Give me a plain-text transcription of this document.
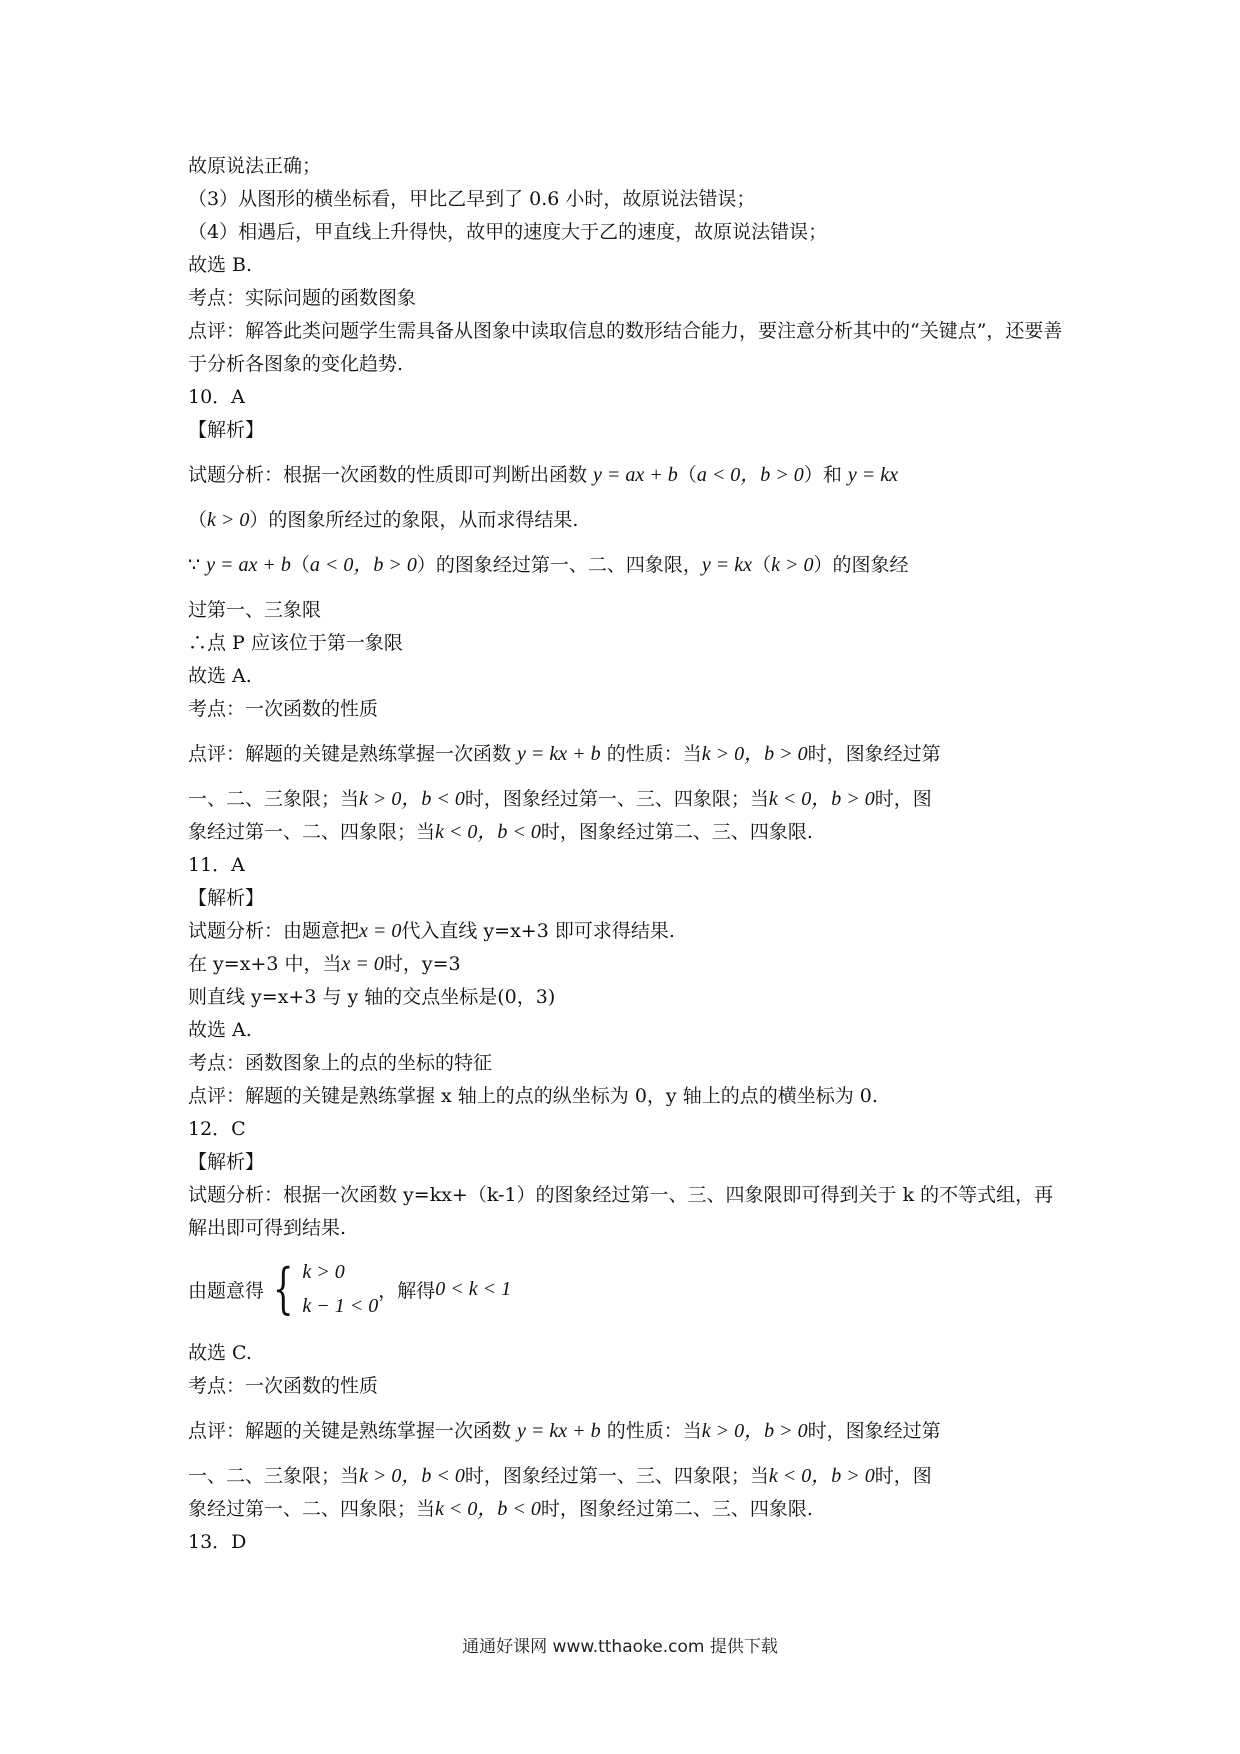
故原说法正确；
（3）从图形的横坐标看，甲比乙早到了 0.6 小时，故原说法错误；
（4）相遇后，甲直线上升得快，故甲的速度大于乙的速度，故原说法错误；
故选 B.
考点：实际问题的函数图象
点评：解答此类问题学生需具备从图象中读取信息的数形结合能力，要注意分析其中的“关键点”，还要善于分析各图象的变化趋势.
10．A
【解析】
试题分析：根据一次函数的性质即可判断出函数 y = ax + b（a < 0，b > 0）和 y = kx
（k > 0）的图象所经过的象限，从而求得结果.
∵ y = ax + b（a < 0，b > 0）的图象经过第一、二、四象限，y = kx（k > 0）的图象经
过第一、三象限
∴点 P 应该位于第一象限
故选 A.
考点：一次函数的性质
点评：解题的关键是熟练掌握一次函数 y = kx + b 的性质：当k > 0，b > 0时，图象经过第
一、二、三象限；当k > 0，b < 0时，图象经过第一、三、四象限；当k < 0，b > 0时，图
象经过第一、二、四象限；当k < 0，b < 0时，图象经过第二、三、四象限.
11．A
【解析】
试题分析：由题意把x = 0代入直线 y=x+3 即可求得结果.
在 y=x+3 中，当x = 0时，y=3
则直线 y=x+3 与 y 轴的交点坐标是(0，3)
故选 A.
考点：函数图象上的点的坐标的特征
点评：解题的关键是熟练掌握 x 轴上的点的纵坐标为 0，y 轴上的点的横坐标为 0.
12．C
【解析】
试题分析：根据一次函数 y=kx+（k-1）的图象经过第一、三、四象限即可得到关于 k 的不等式组，再解出即可得到结果.
由题意得 { k > 0
k − 1 < 0
，解得 0 < k < 1
故选 C.
考点：一次函数的性质
点评：解题的关键是熟练掌握一次函数 y = kx + b 的性质：当k > 0，b > 0时，图象经过第
一、二、三象限；当k > 0，b < 0时，图象经过第一、三、四象限；当k < 0，b > 0时，图
象经过第一、二、四象限；当k < 0，b < 0时，图象经过第二、三、四象限.
13．D
通通好课网 www.tthaoke.com 提供下载
